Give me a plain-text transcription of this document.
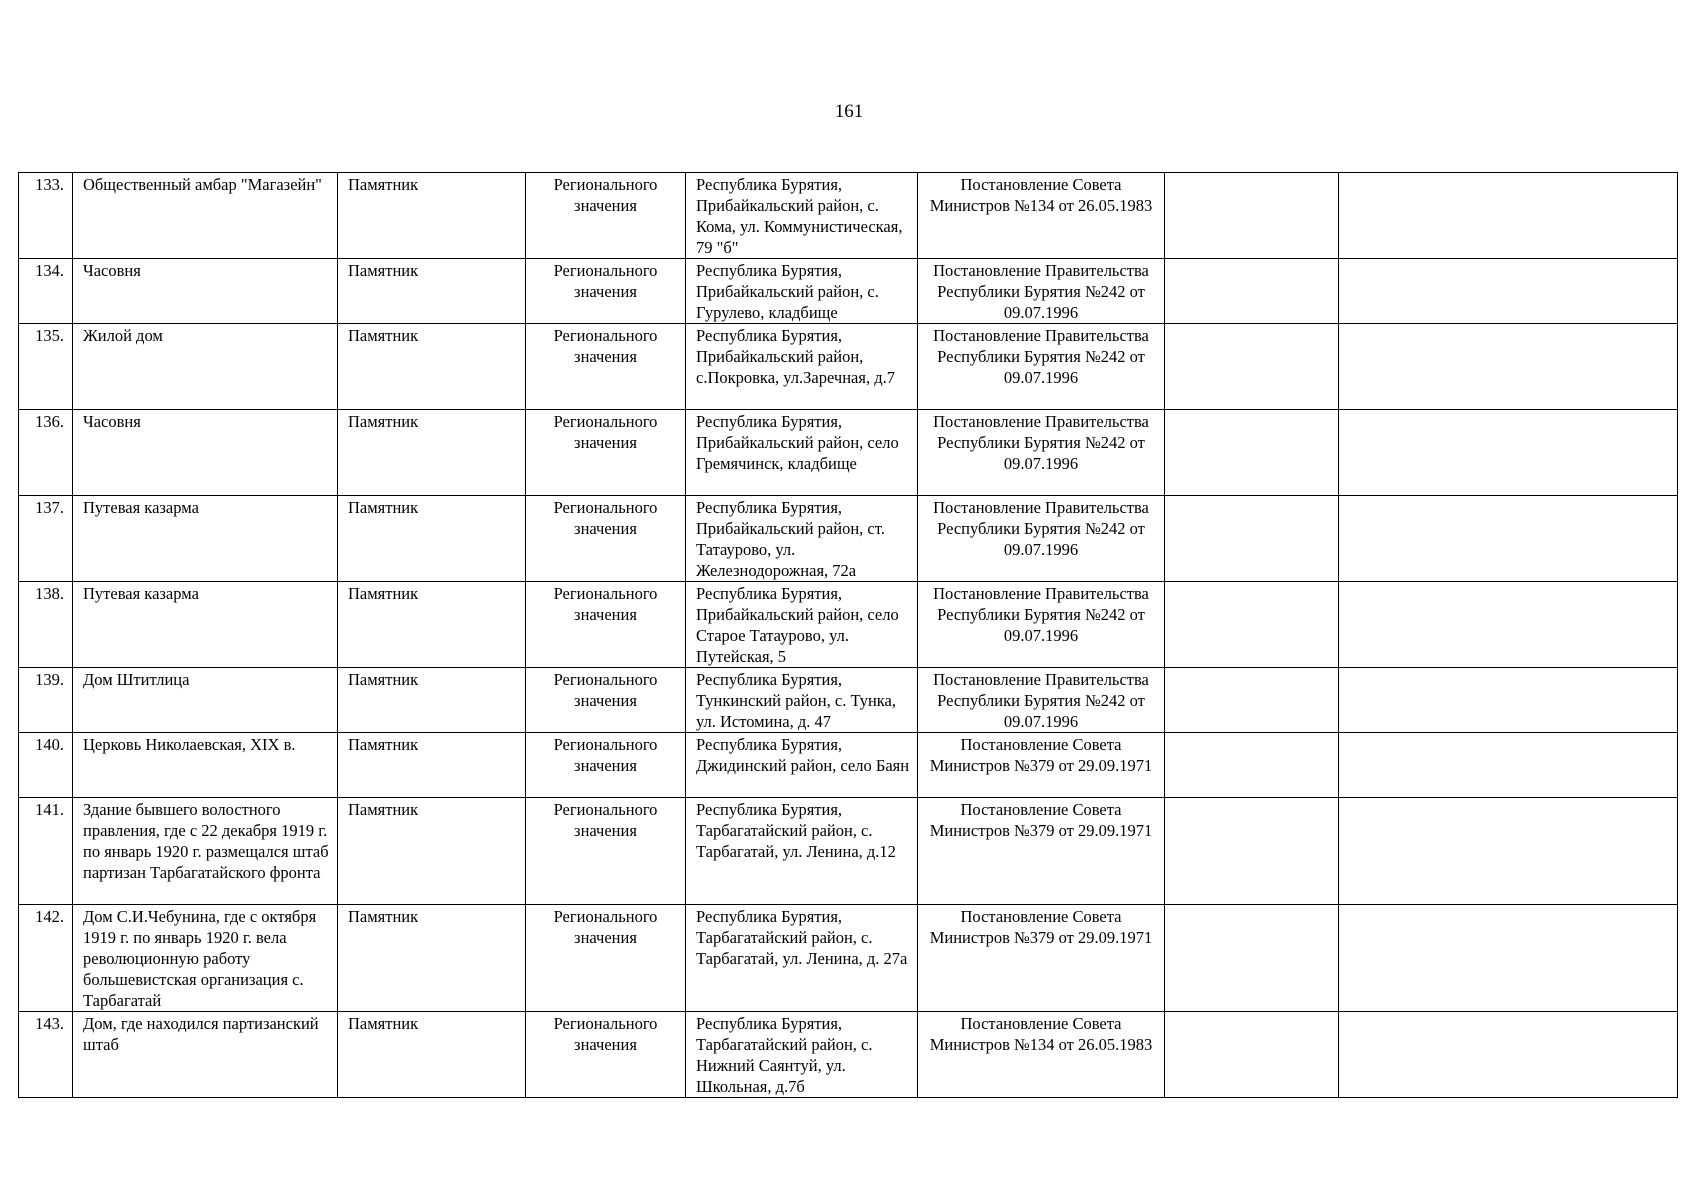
161
133.	Общественный амбар "Магазейн"	Памятник	Регионального значения	Республика Бурятия, Прибайкальский район, с. Кома, ул. Коммунистическая, 79 "б"	Постановление Совета Министров №134 от 26.05.1983		
134.	Часовня	Памятник	Регионального значения	Республика Бурятия, Прибайкальский район, с. Гурулево, кладбище	Постановление Правительства Республики Бурятия №242 от 09.07.1996		
135.	Жилой дом	Памятник	Регионального значения	Республика Бурятия, Прибайкальский район, с.Покровка, ул.Заречная, д.7	Постановление Правительства Республики Бурятия №242 от 09.07.1996		
136.	Часовня	Памятник	Регионального значения	Республика Бурятия, Прибайкальский район, село Гремячинск, кладбище	Постановление Правительства Республики Бурятия №242 от 09.07.1996		
137.	Путевая казарма	Памятник	Регионального значения	Республика Бурятия, Прибайкальский район, ст. Татаурово, ул. Железнодорожная, 72а	Постановление Правительства Республики Бурятия №242 от 09.07.1996		
138.	Путевая казарма	Памятник	Регионального значения	Республика Бурятия, Прибайкальский район, село Старое Татаурово, ул. Путейская, 5	Постановление Правительства Республики Бурятия №242 от 09.07.1996		
139.	Дом Штитлица	Памятник	Регионального значения	Республика Бурятия, Тункинский район, с. Тунка, ул. Истомина, д. 47	Постановление Правительства Республики Бурятия №242 от 09.07.1996		
140.	Церковь Николаевская, XIX в.	Памятник	Регионального значения	Республика Бурятия, Джидинский район, село Баян	Постановление Совета Министров №379 от 29.09.1971		
141.	Здание бывшего волостного правления, где с 22 декабря 1919 г. по январь 1920 г. размещался штаб партизан Тарбагатайского фронта	Памятник	Регионального значения	Республика Бурятия, Тарбагатайский район, с. Тарбагатай, ул. Ленина, д.12	Постановление Совета Министров №379 от 29.09.1971		
142.	Дом С.И.Чебунина, где с октября 1919 г. по январь 1920 г. вела революционную работу большевистская организация с. Тарбагатай	Памятник	Регионального значения	Республика Бурятия, Тарбагатайский район, с. Тарбагатай, ул. Ленина, д. 27а	Постановление Совета Министров №379 от 29.09.1971		
143.	Дом, где находился партизанский штаб	Памятник	Регионального значения	Республика Бурятия, Тарбагатайский район, с. Нижний Саянтуй, ул. Школьная, д.7б	Постановление Совета Министров №134 от 26.05.1983		
